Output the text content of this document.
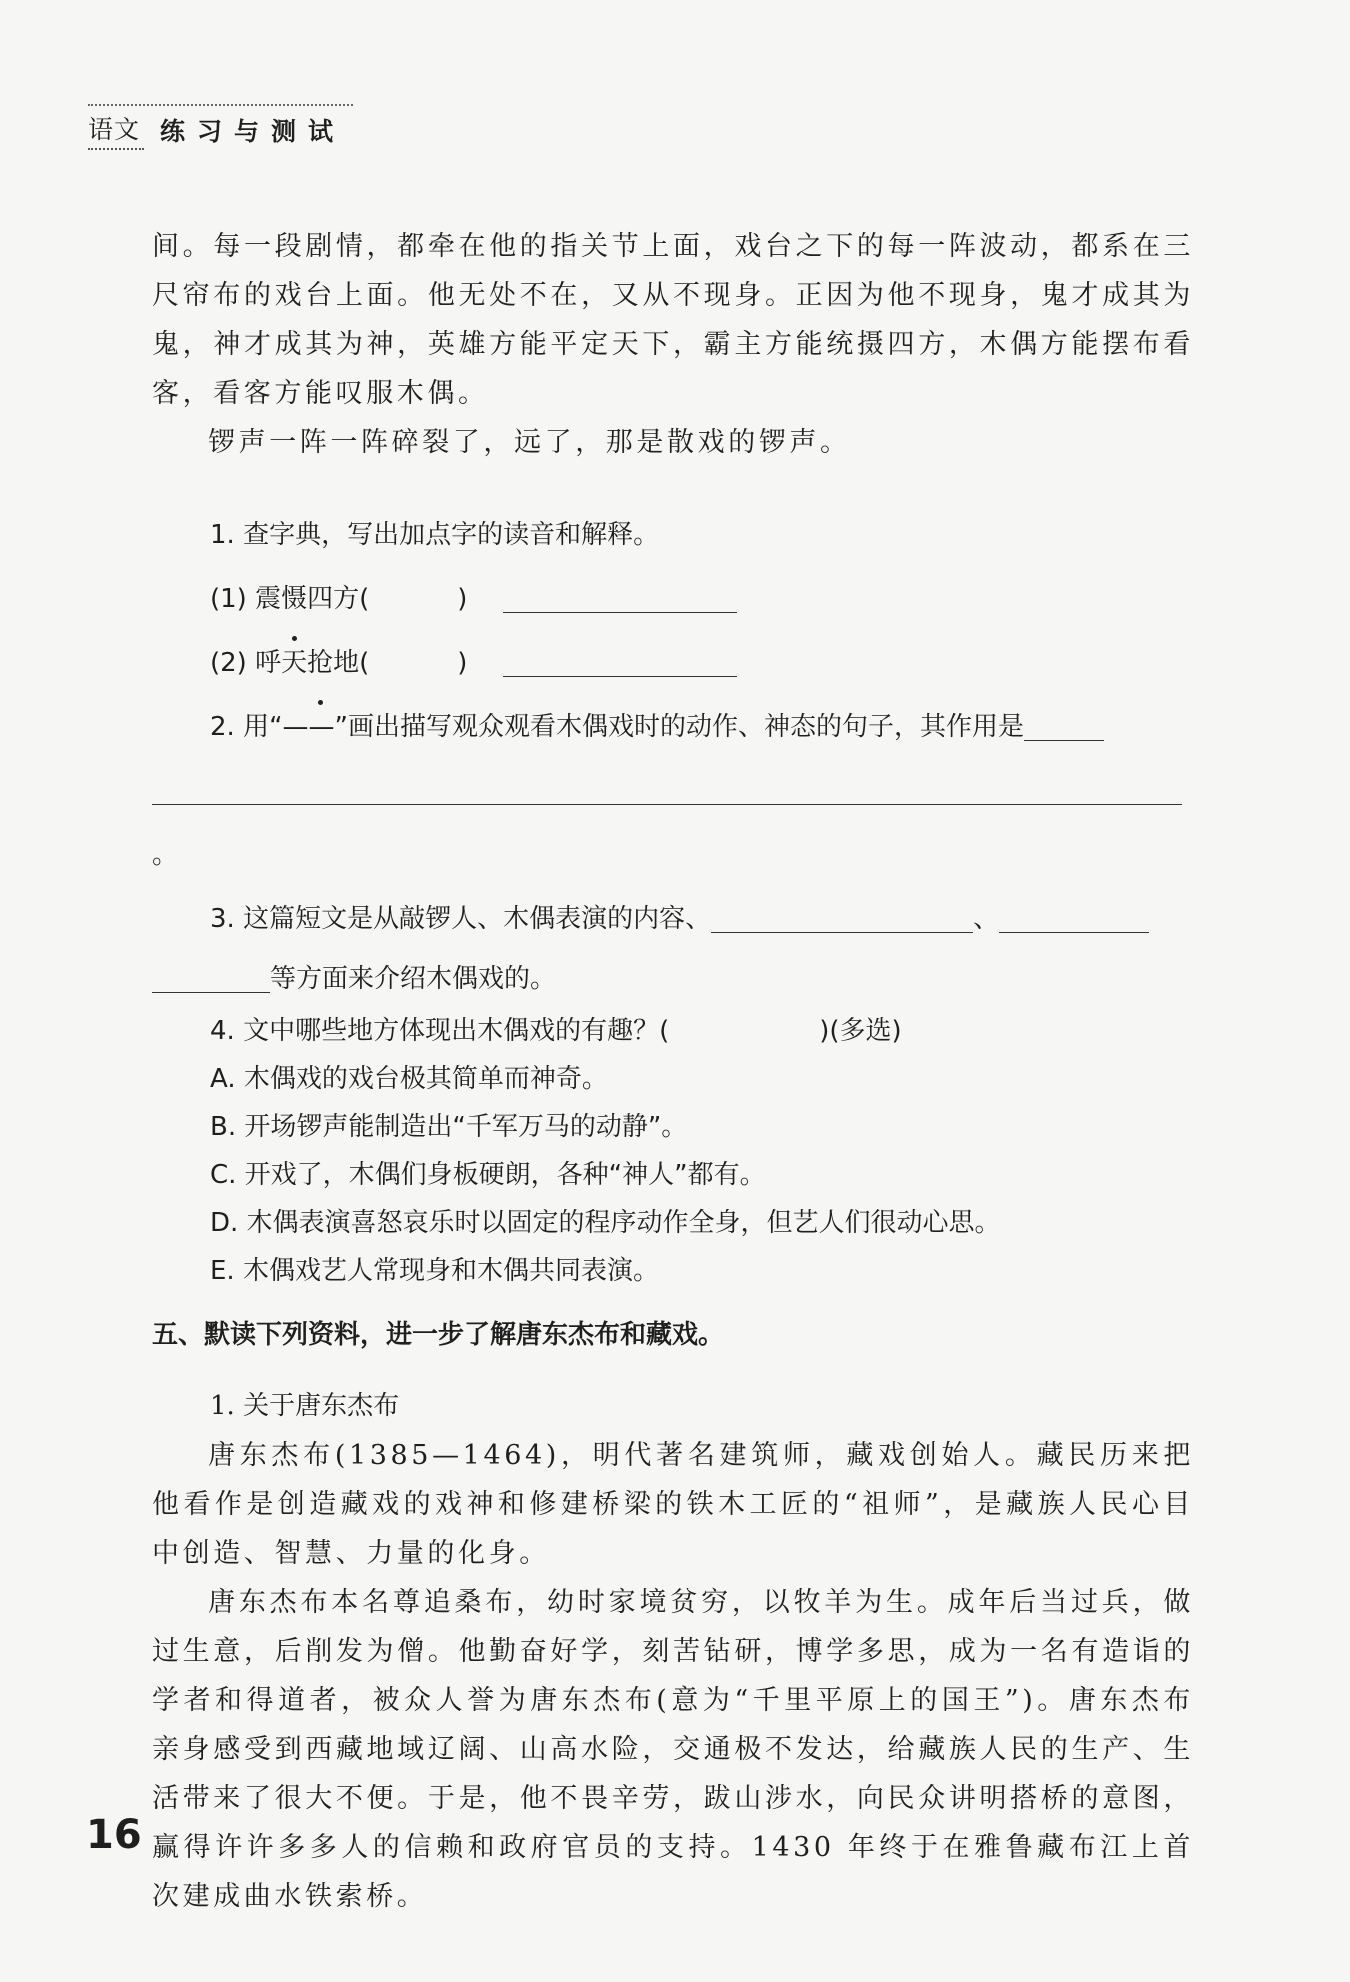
语文 练习与测试

间。每一段剧情，都牵在他的指关节上面，戏台之下的每一阵波动，都系在三尺帘布的戏台上面。他无处不在，又从不现身。正因为他不现身，鬼才成其为鬼，神才成其为神，英雄方能平定天下，霸主方能统摄四方，木偶方能摆布看客，看客方能叹服木偶。

锣声一阵一阵碎裂了，远了，那是散戏的锣声。

1. 查字典，写出加点字的读音和解释。

(1) 震慑四方(	)

(2) 呼天抢地(	)

2. 用“——”画出描写观众观看木偶戏时的动作、神态的句子，其作用是

。

3. 这篇短文是从敲锣人、木偶表演的内容、	、

等方面来介绍木偶戏的。

4. 文中哪些地方体现出木偶戏的有趣？(	)(多选)

A. 木偶戏的戏台极其简单而神奇。

B. 开场锣声能制造出“千军万马的动静”。

C. 开戏了，木偶们身板硬朗，各种“神人”都有。

D. 木偶表演喜怒哀乐时以固定的程序动作全身，但艺人们很动心思。

E. 木偶戏艺人常现身和木偶共同表演。

五、默读下列资料，进一步了解唐东杰布和藏戏。

1. 关于唐东杰布

唐东杰布(1385—1464)，明代著名建筑师，藏戏创始人。藏民历来把他看作是创造藏戏的戏神和修建桥梁的铁木工匠的“祖师”，是藏族人民心目中创造、智慧、力量的化身。

唐东杰布本名尊追桑布，幼时家境贫穷，以牧羊为生。成年后当过兵，做过生意，后削发为僧。他勤奋好学，刻苦钻研，博学多思，成为一名有造诣的学者和得道者，被众人誉为唐东杰布(意为“千里平原上的国王”)。唐东杰布亲身感受到西藏地域辽阔、山高水险，交通极不发达，给藏族人民的生产、生活带来了很大不便。于是，他不畏辛劳，跋山涉水，向民众讲明搭桥的意图，赢得许许多多人的信赖和政府官员的支持。1430 年终于在雅鲁藏布江上首次建成曲水铁索桥。

16
